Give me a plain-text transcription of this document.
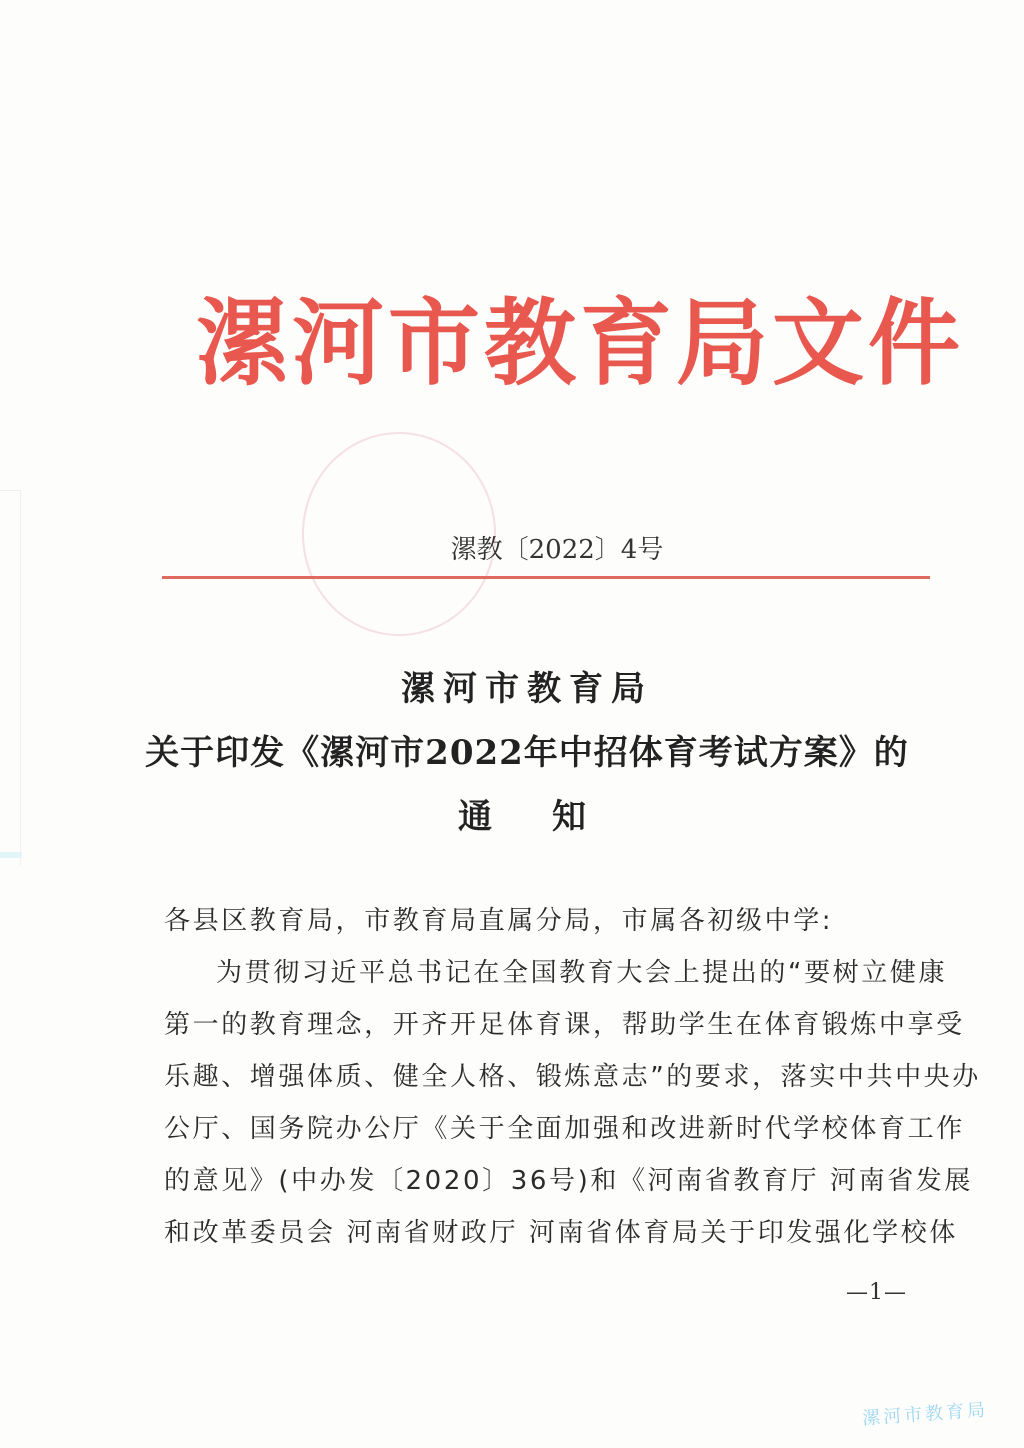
漯河市教育局文件
漯教〔2022〕4号
漯河市教育局
关于印发《漯河市2022年中招体育考试方案》的
通知
各县区教育局，市教育局直属分局，市属各初级中学:
为贯彻习近平总书记在全国教育大会上提出的“要树立健康
第一的教育理念，开齐开足体育课，帮助学生在体育锻炼中享受
乐趣、增强体质、健全人格、锻炼意志”的要求，落实中共中央办
公厅、国务院办公厅《关于全面加强和改进新时代学校体育工作
的意见》(中办发〔2020〕36号)和《河南省教育厅 河南省发展
和改革委员会 河南省财政厅 河南省体育局关于印发强化学校体
—1—
漯河市教育局
